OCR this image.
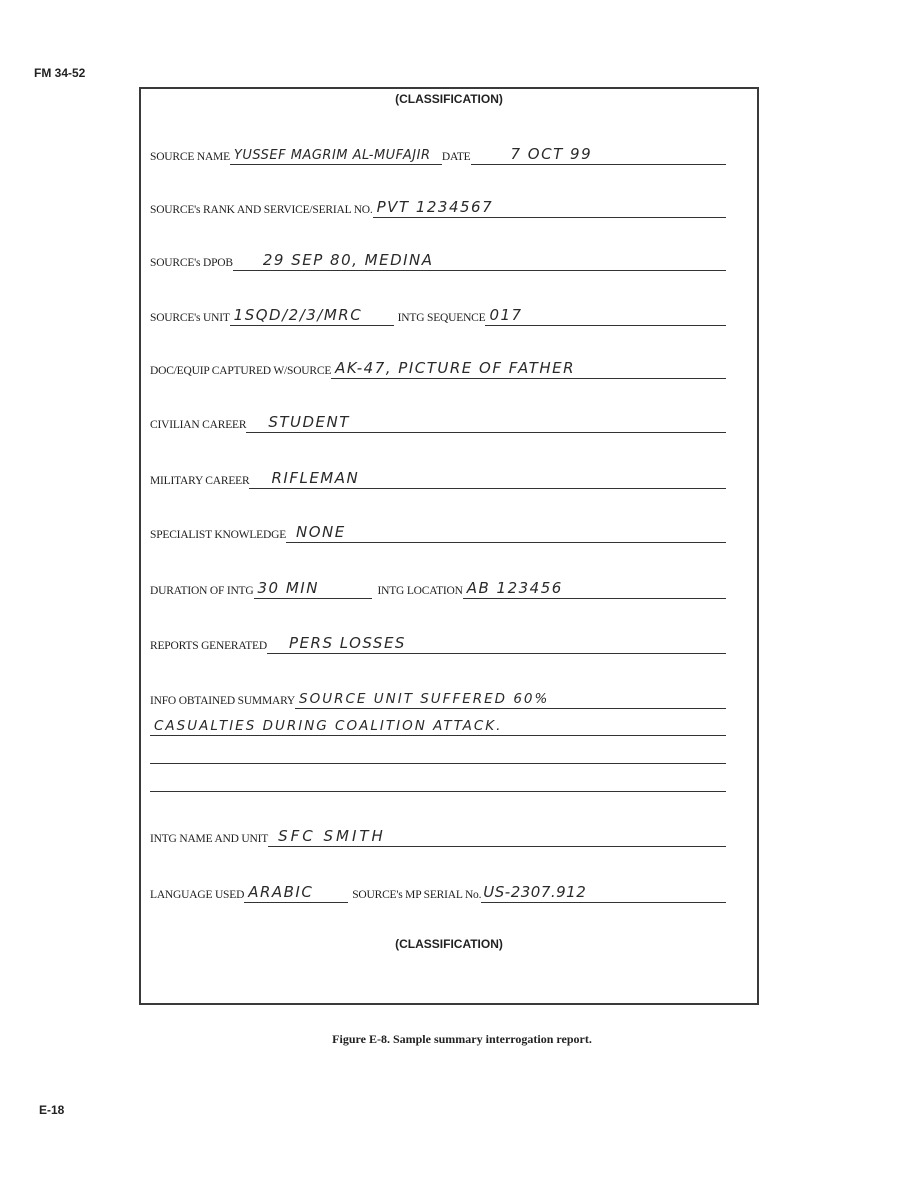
FM 34-52
(CLASSIFICATION)
SOURCE NAME YUSSEF MAGRIM AL-MUFAJIR DATE	7 OCT 99
SOURCE's RANK AND SERVICE/SERIAL NO. PVT 1234567
SOURCE's DPOB	29 SEP 80, MEDINA
SOURCE's UNIT 1SQD/2/3/MRC	INTG SEQUENCE 017
DOC/EQUIP CAPTURED W/SOURCE AK-47, PICTURE OF FATHER
CIVILIAN CAREER	STUDENT
MILITARY CAREER	RIFLEMAN
SPECIALIST KNOWLEDGE NONE
DURATION OF INTG 30 MIN	INTG LOCATION AB 123456
REPORTS GENERATED	PERS LOSSES
INFO OBTAINED SUMMARY SOURCE UNIT SUFFERED 60%
CASUALTIES DURING COALITION ATTACK.
INTG NAME AND UNIT SFC SMITH
LANGUAGE USED ARABIC	SOURCE's MP SERIAL No. US-2307.912
(CLASSIFICATION)
Figure E-8. Sample summary interrogation report.
E-18
